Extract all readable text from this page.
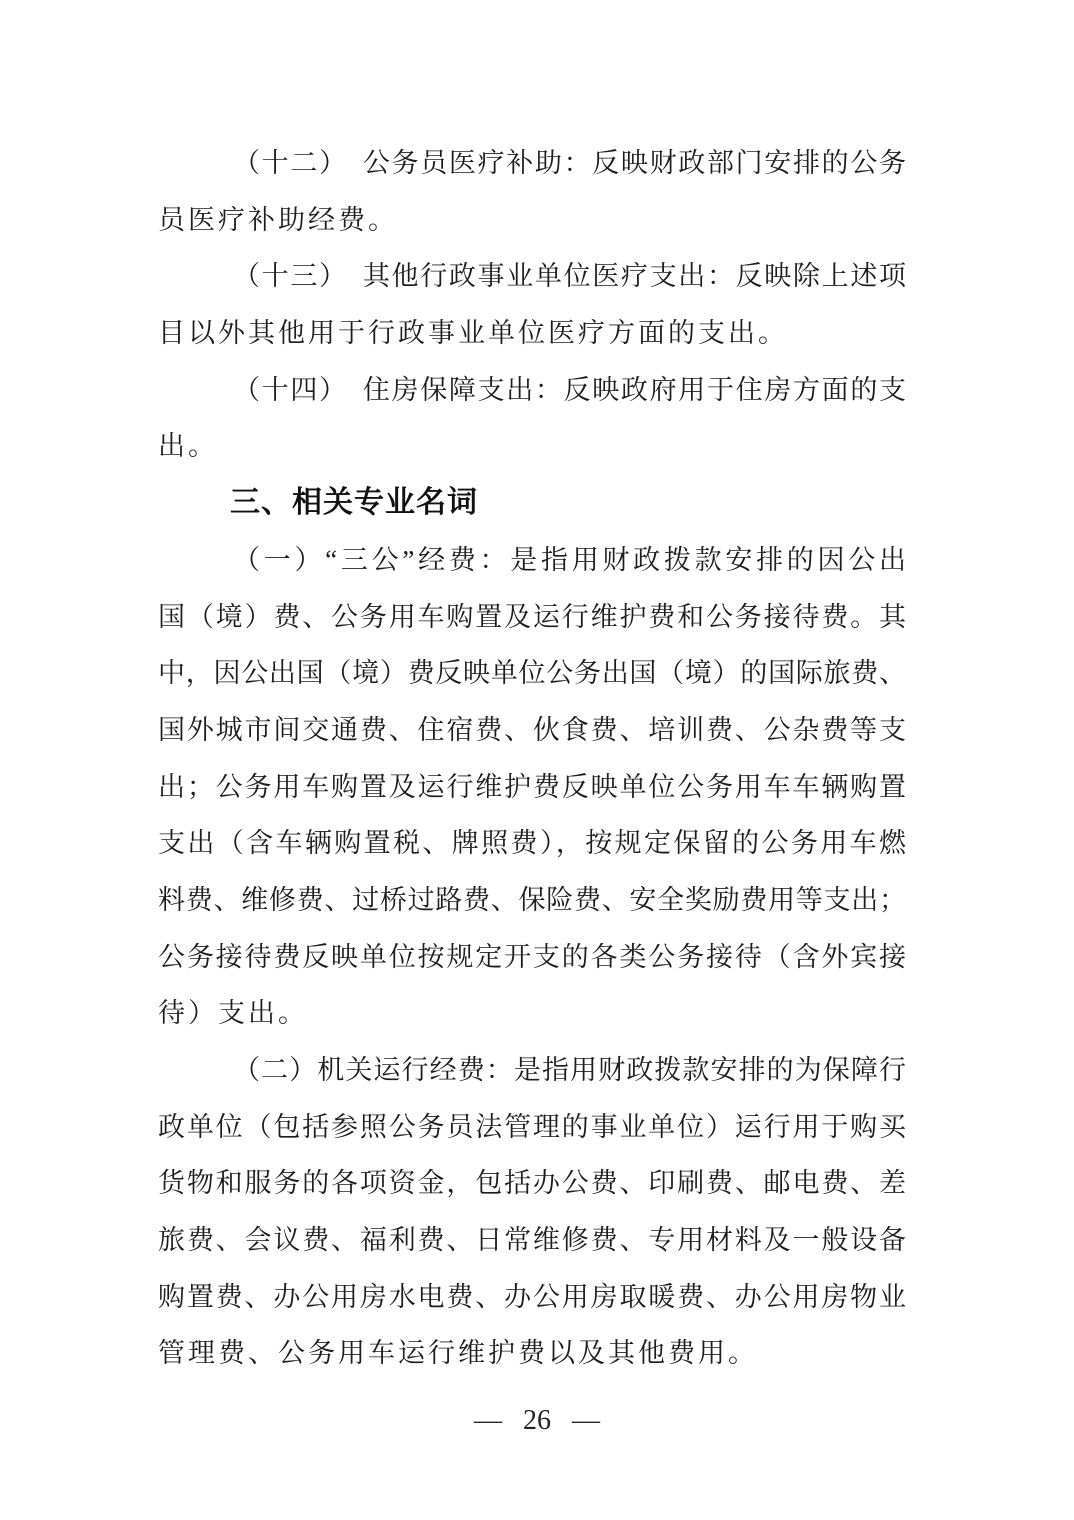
（十二）　公务员医疗补助：反映财政部门安排的公务
员医疗补助经费。
（十三）　其他行政事业单位医疗支出：反映除上述项
目以外其他用于行政事业单位医疗方面的支出。
（十四）　住房保障支出：反映政府用于住房方面的支
出。
三、相关专业名词
（一）“三公”经费：是指用财政拨款安排的因公出
国（境）费、公务用车购置及运行维护费和公务接待费。其
中，因公出国（境）费反映单位公务出国（境）的国际旅费、
国外城市间交通费、住宿费、伙食费、培训费、公杂费等支
出；公务用车购置及运行维护费反映单位公务用车车辆购置
支出（含车辆购置税、牌照费），按规定保留的公务用车燃
料费、维修费、过桥过路费、保险费、安全奖励费用等支出；
公务接待费反映单位按规定开支的各类公务接待（含外宾接
待）支出。
（二）机关运行经费：是指用财政拨款安排的为保障行
政单位（包括参照公务员法管理的事业单位）运行用于购买
货物和服务的各项资金，包括办公费、印刷费、邮电费、差
旅费、会议费、福利费、日常维修费、专用材料及一般设备
购置费、办公用房水电费、办公用房取暖费、办公用房物业
管理费、公务用车运行维护费以及其他费用。
— 26 —
